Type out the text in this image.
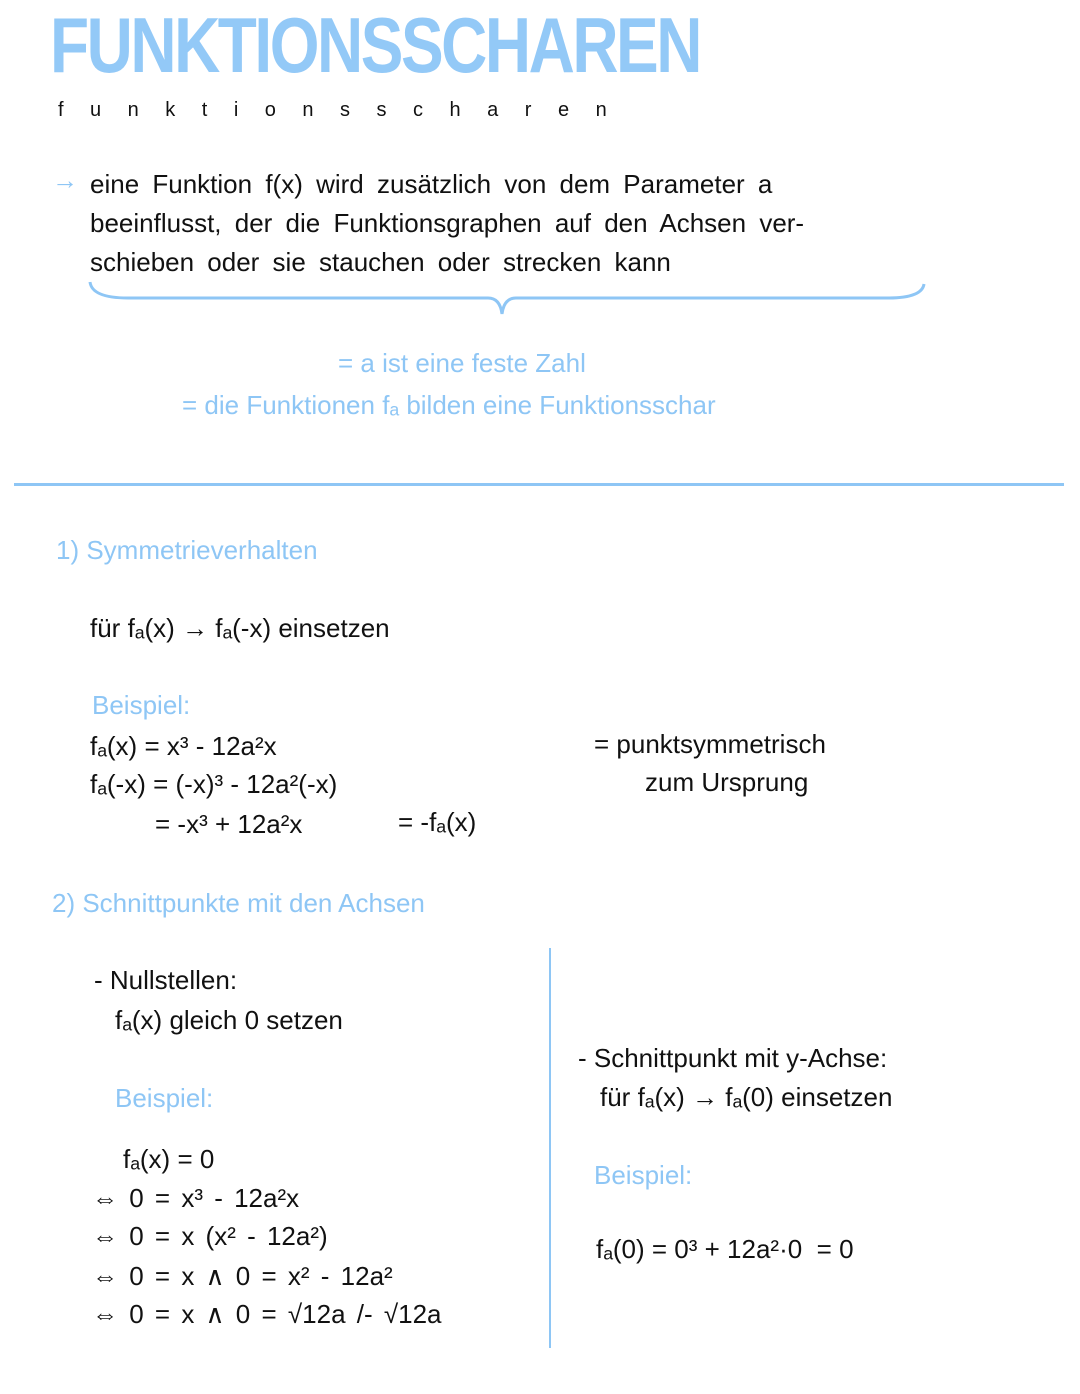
FUNKTIONSSCHAREN
funktionsscharen
→ eine Funktion f(x) wird zusätzlich von dem Parameter a
beeinflusst, der die Funktionsgraphen auf den Achsen ver-
schieben oder sie stauchen oder strecken kann
= a ist eine feste Zahl
= die Funktionen fₐ bilden eine Funktionsschar
1) Symmetrieverhalten
für fₐ(x) → fₐ(-x) einsetzen
Beispiel:
fₐ(x) = x³ - 12a²x
fₐ(-x) = (-x)³ - 12a²(-x)
= -x³ + 12a²x	= -fₐ(x)
= punktsymmetrisch
zum Ursprung
2) Schnittpunkte mit den Achsen
- Nullstellen:
fₐ(x) gleich 0 setzen
Beispiel:
fₐ(x) = 0
⇔ 0 = x³ - 12a²x
⇔ 0 = x (x² - 12a²)
⇔ 0 = x ∧ 0 = x² - 12a²
⇔ 0 = x ∧ 0 = √12a /- √12a
- Schnittpunkt mit y-Achse:
für fₐ(x) → fₐ(0) einsetzen
Beispiel:
fₐ(0) = 0³ + 12a²·0  = 0
